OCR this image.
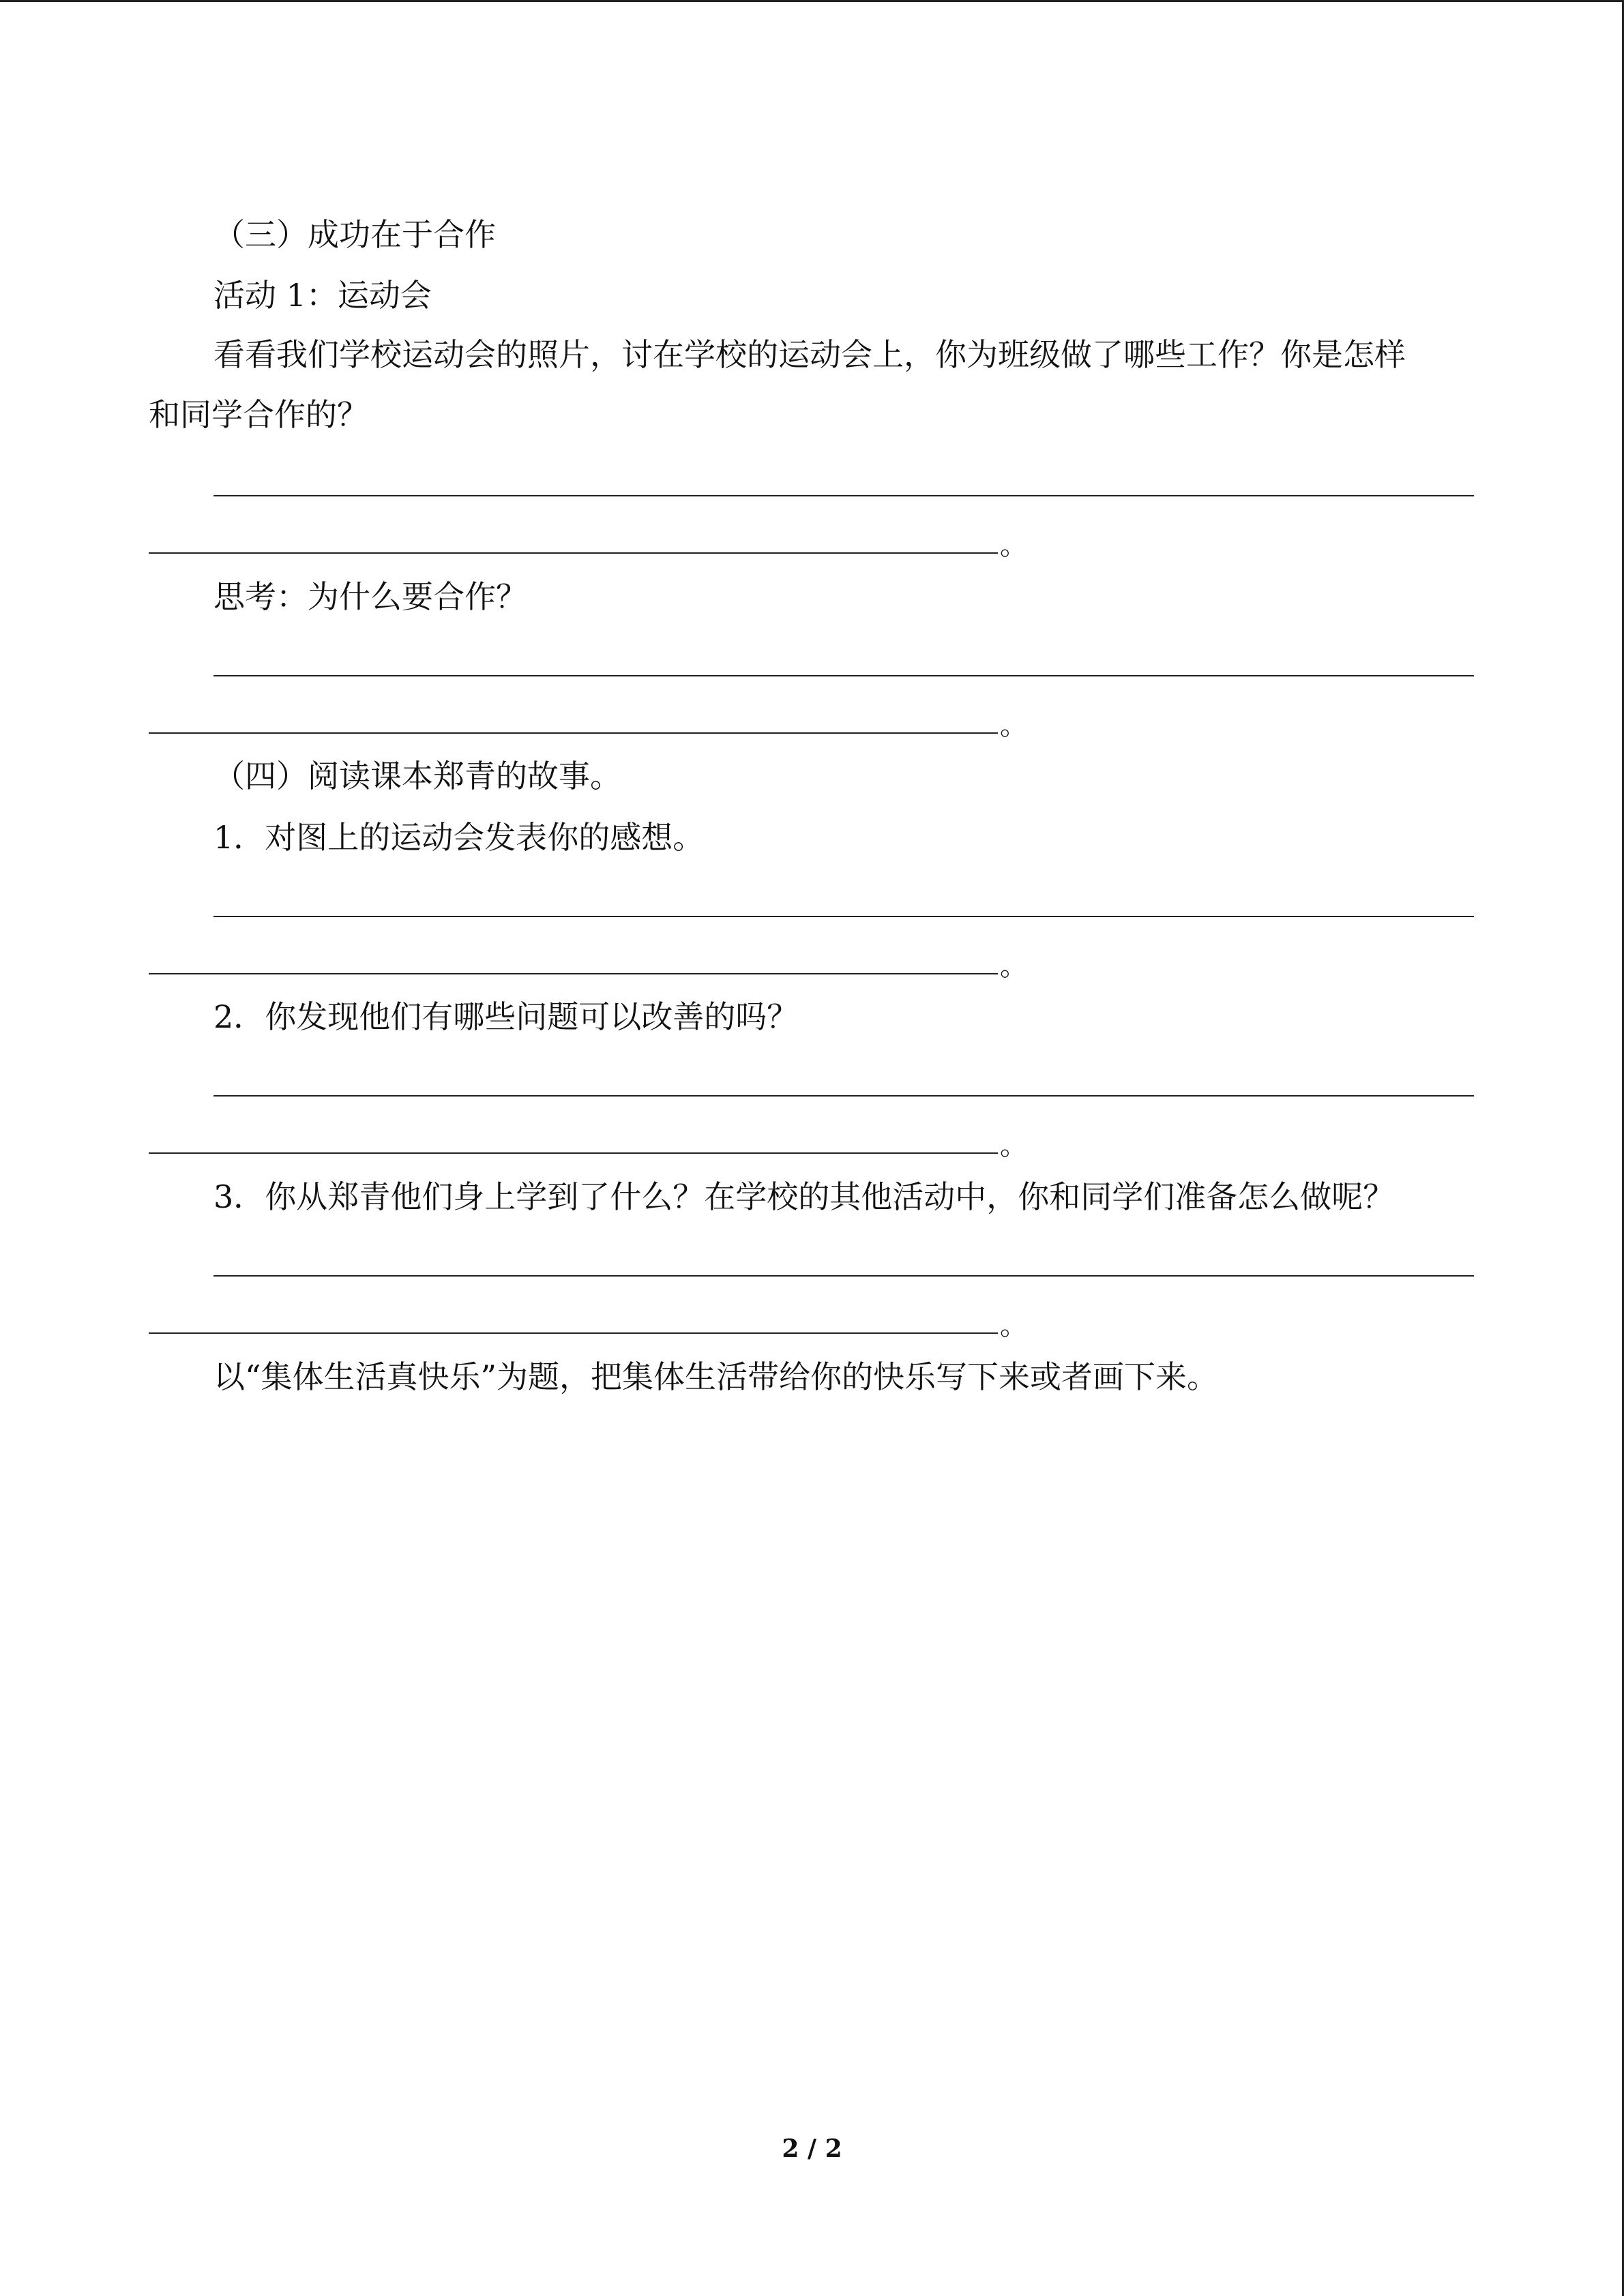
（三）成功在于合作
活动 1：运动会
看看我们学校运动会的照片，讨在学校的运动会上，你为班级做了哪些工作？你是怎样
和同学合作的？
。
思考：为什么要合作？
。
（四）阅读课本郑青的故事。
1．对图上的运动会发表你的感想。
。
2．你发现他们有哪些问题可以改善的吗？
。
3．你从郑青他们身上学到了什么？在学校的其他活动中，你和同学们准备怎么做呢？
。
以“集体生活真快乐”为题，把集体生活带给你的快乐写下来或者画下来。
2 / 2
